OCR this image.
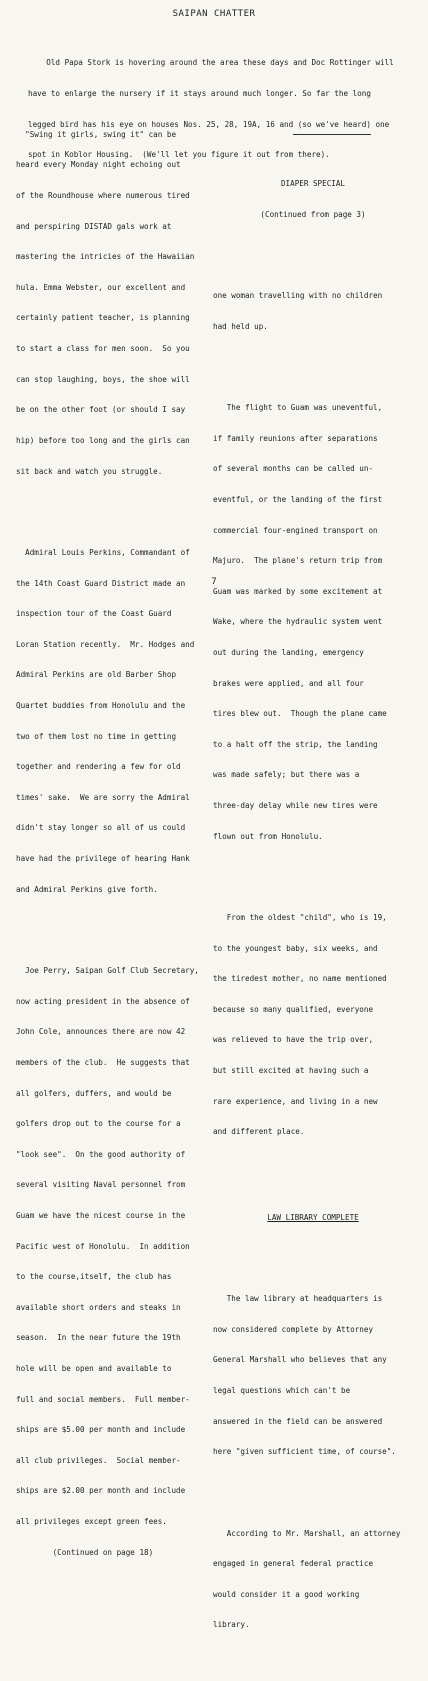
SAIPAN CHATTER

Old Papa Stork is hovering around the area these days and Doc Rottinger will

have to enlarge the nursery if it stays around much longer. So far the long

legged bird has his eye on houses Nos. 25, 28, 19A, 16 and (so we've heard) one

spot in Koblor Housing.  (We'll let you figure it out from there).

"Swing it girls, swing it" can be

heard every Monday night echoing out

of the Roundhouse where numerous tired

and perspiring DISTAD gals work at

mastering the intricies of the Hawaiian

hula. Emma Webster, our excellent and

certainly patient teacher, is planning

to start a class for men soon.  So you

can stop laughing, boys, the shoe will

be on the other foot (or should I say

hip) before too long and the girls can

sit back and watch you struggle.

Admiral Louis Perkins, Commandant of

the 14th Coast Guard District made an

inspection tour of the Coast Guard

Loran Station recently.  Mr. Hodges and

Admiral Perkins are old Barber Shop

Quartet buddies from Honolulu and the

two of them lost no time in getting

together and rendering a few for old

times' sake.  We are sorry the Admiral

didn't stay longer so all of us could

have had the privilege of hearing Hank

and Admiral Perkins give forth.

Joe Perry, Saipan Golf Club Secretary,

now acting president in the absence of

John Cole, announces there are now 42

members of the club.  He suggests that

all golfers, duffers, and would be

golfers drop out to the course for a

"look see".  On the good authority of

several visiting Naval personnel from

Guam we have the nicest course in the

Pacific west of Honolulu.  In addition

to the course,itself, the club has

available short orders and steaks in

season.  In the near future the 19th

hole will be open and available to

full and social members.  Full member-

ships are $5.00 per month and include

all club privileges.  Social member-

ships are $2.00 per month and include

all privileges except green fees.

(Continued on page 18)

DIAPER SPECIAL

(Continued from page 3)

one woman travelling with no children

had held up.

The flight to Guam was uneventful,

if family reunions after separations

of several months can be called un-

eventful, or the landing of the first

commercial four-engined transport on

Majuro.  The plane's return trip from

Guam was marked by some excitement at

Wake, where the hydraulic system went

out during the landing, emergency

brakes were applied, and all four

tires blew out.  Though the plane came

to a halt off the strip, the landing

was made safely; but there was a

three-day delay while new tires were

flown out from Honolulu.

From the oldest "child", who is 19,

to the youngest baby, six weeks, and

the tiredest mother, no name mentioned

because so many qualified, everyone

was relieved to have the trip over,

but still excited at having such a

rare experience, and living in a new

and different place.

LAW LIBRARY COMPLETE

The law library at headquarters is

now considered complete by Attorney

General Marshall who believes that any

legal questions which can't be

answered in the field can be answered

here "given sufficient time, of course".

According to Mr. Marshall, an attorney

engaged in general federal practice

would consider it a good working

library.

7
